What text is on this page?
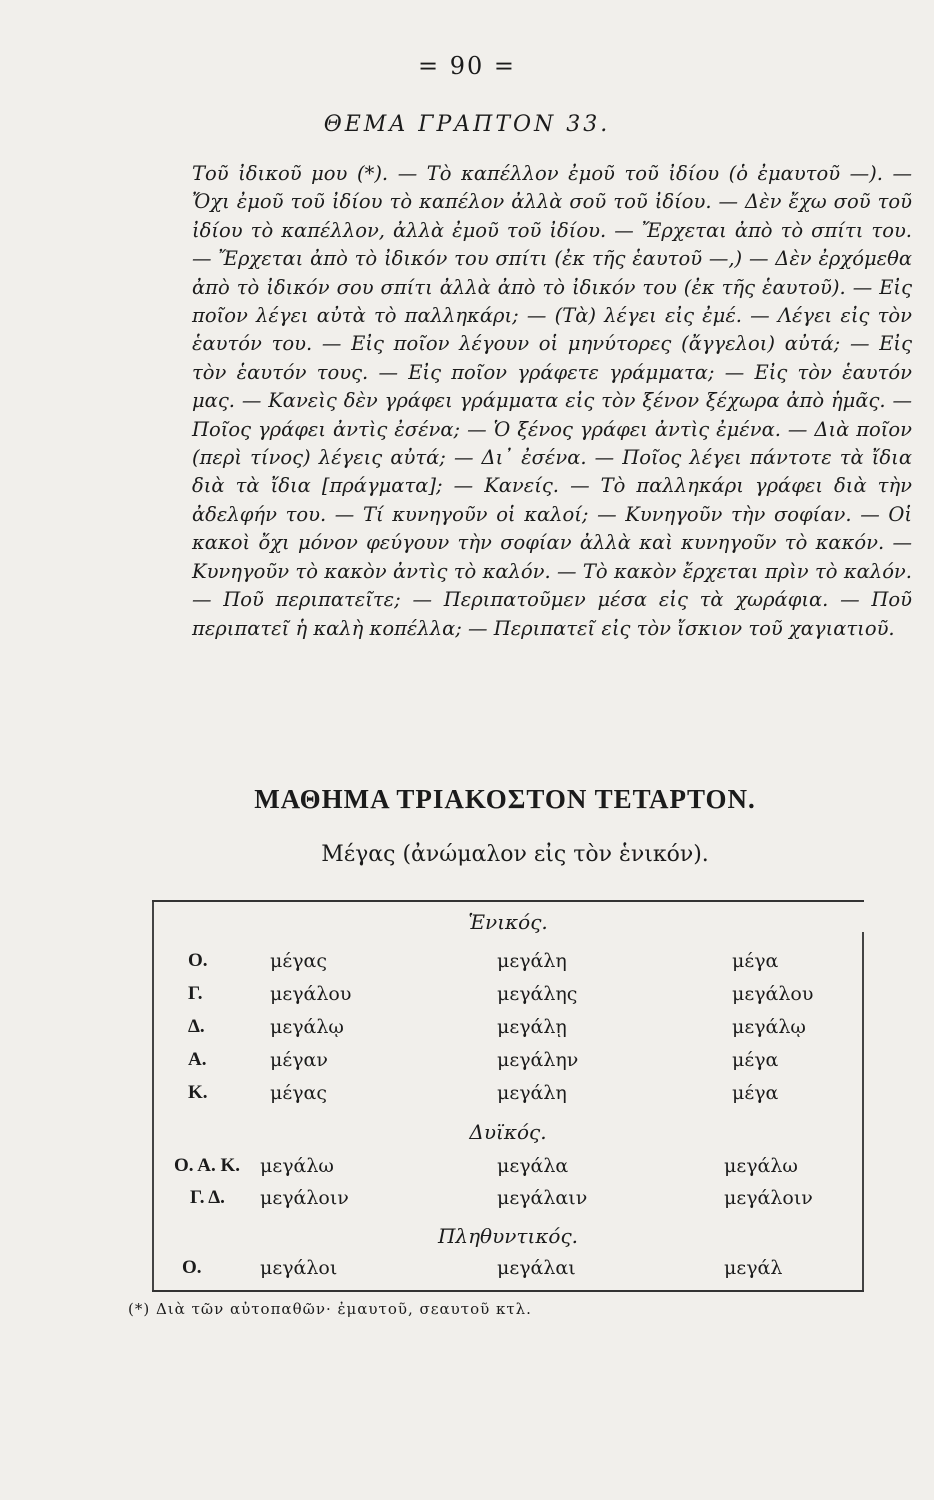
= 90 =
ΘΕΜΑ ΓΡΑΠΤΟΝ 33.
Τοῦ ἰδικοῦ μου (*). — Τὸ καπέλλον ἐμοῦ τοῦ ἰδίου (ὁ ἐμαυτοῦ —). — Ὄχι ἐμοῦ τοῦ ἰδίου τὸ καπέλον ἀλλὰ σοῦ τοῦ ἰδίου. — Δὲν ἔχω σοῦ τοῦ ἰδίου τὸ καπέλλον, ἀλλὰ ἐμοῦ τοῦ ἰδίου. — Ἔρχεται ἀπὸ τὸ σπίτι του. — Ἔρχεται ἀπὸ τὸ ἰδικόν του σπίτι (ἐκ τῆς ἑαυτοῦ —,) — Δὲν ἐρχόμεθα ἀπὸ τὸ ἰδικόν σου σπίτι ἀλλὰ ἀπὸ τὸ ἰδικόν του (ἐκ τῆς ἑαυτοῦ). — Εἰς ποῖον λέγει αὐτὰ τὸ παλληκάρι; — (Τὰ) λέγει εἰς ἐμέ. — Λέγει εἰς τὸν ἑαυτόν του. — Εἰς ποῖον λέγουν οἱ μηνύτορες (ἄγγελοι) αὐτά; — Εἰς τὸν ἑαυτόν τους. — Εἰς ποῖον γράφετε γράμματα; — Εἰς τὸν ἑαυτόν μας. — Κανεὶς δὲν γράφει γράμματα εἰς τὸν ξένον ξέχωρα ἀπὸ ἡμᾶς. — Ποῖος γράφει ἀντὶς ἐσένα; — Ὁ ξένος γράφει ἀντὶς ἐμένα. — Διὰ ποῖον (περὶ τίνος) λέγεις αὐτά; — Δι᾽ ἐσένα. — Ποῖος λέγει πάντοτε τὰ ἴδια διὰ τὰ ἴδια [πράγματα]; — Κανείς. — Τὸ παλληκάρι γράφει διὰ τὴν ἀδελφήν του. — Τί κυνηγοῦν οἱ καλοί; — Κυνηγοῦν τὴν σοφίαν. — Οἱ κακοὶ ὄχι μόνον φεύγουν τὴν σοφίαν ἀλλὰ καὶ κυνηγοῦν τὸ κακόν. — Κυνηγοῦν τὸ κακὸν ἀντὶς τὸ καλόν. — Τὸ κακὸν ἔρχεται πρὶν τὸ καλόν. — Ποῦ περιπατεῖτε; — Περιπατοῦμεν μέσα εἰς τὰ χωράφια. — Ποῦ περιπατεῖ ἡ καλὴ κοπέλλα; — Περιπατεῖ εἰς τὸν ἴσκιον τοῦ χαγιατιοῦ.
ΜΑΘΗΜΑ ΤΡΙΑΚΟΣΤΟΝ ΤΕΤΑΡΤΟΝ.
Μέγας (ἀνώμαλον εἰς τὸν ἑνικόν).
Ἑνικός.
Ο.	μέγας	μεγάλη	μέγα
Γ.	μεγάλου	μεγάλης	μεγάλου
Δ.	μεγάλῳ	μεγάλῃ	μεγάλῳ
Α.	μέγαν	μεγάλην	μέγα
Κ.	μέγας	μεγάλη	μέγα
Δυϊκός.
Ο. Α. Κ. μεγάλω	μεγάλα	μεγάλω
Γ. Δ. μεγάλοιν	μεγάλαιν	μεγάλοιν
Πληθυντικός.
Ο.	μεγάλοι	μεγάλαι	μεγάλ
(*) Διὰ τῶν αὐτοπαθῶν· ἐμαυτοῦ, σεαυτοῦ κτλ.
